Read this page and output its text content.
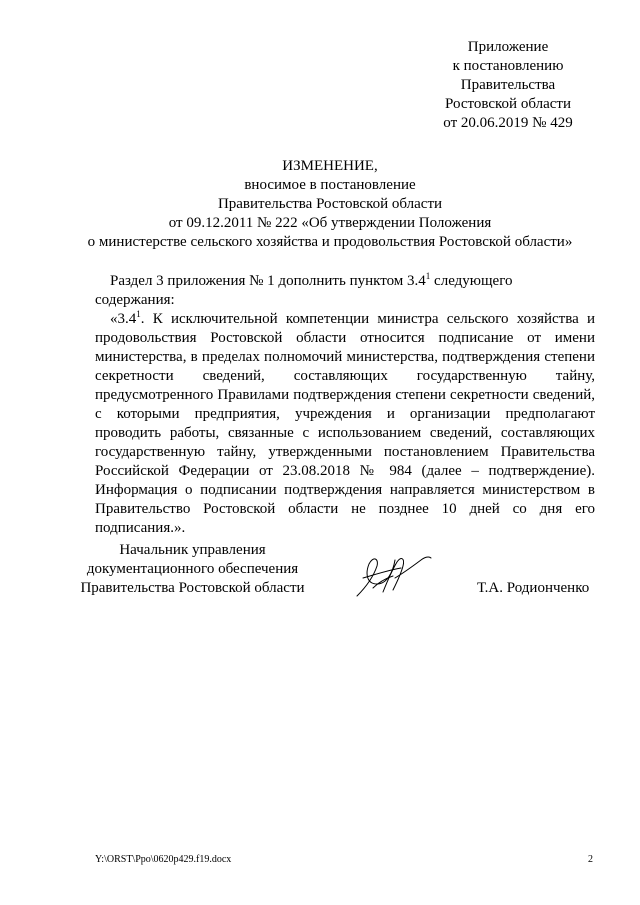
Приложение
к постановлению
Правительства
Ростовской области
от 20.06.2019 № 429
ИЗМЕНЕНИЕ,
вносимое в постановление
Правительства Ростовской области
от 09.12.2011 № 222 «Об утверждении Положения
о министерстве сельского хозяйства и продовольствия Ростовской области»

Раздел 3 приложения № 1 дополнить пунктом $3.4^1$ следующего содержания:

«$3.4^1$. К исключительной компетенции министра сельского хозяйства и продовольствия Ростовской области относится подписание от имени министерства, в пределах полномочий министерства, подтверждения степени секретности сведений, составляющих государственную тайну, предусмотренного Правилами подтверждения степени секретности сведений, с которыми предприятия, учреждения и организации предполагают проводить работы, связанные с использованием сведений, составляющих государственную тайну, утвержденными постановлением Правительства Российской Федерации от 23.08.2018 № 984 (далее – подтверждение). Информация о подписании подтверждения направляется министерством в Правительство Ростовской области не позднее 10 дней со дня его подписания.».

Начальник управления
документационного обеспечения
Правительства Ростовской области	Т.А. Родионченко
Y:\ORST\Ppo\0620p429.f19.docx	2
